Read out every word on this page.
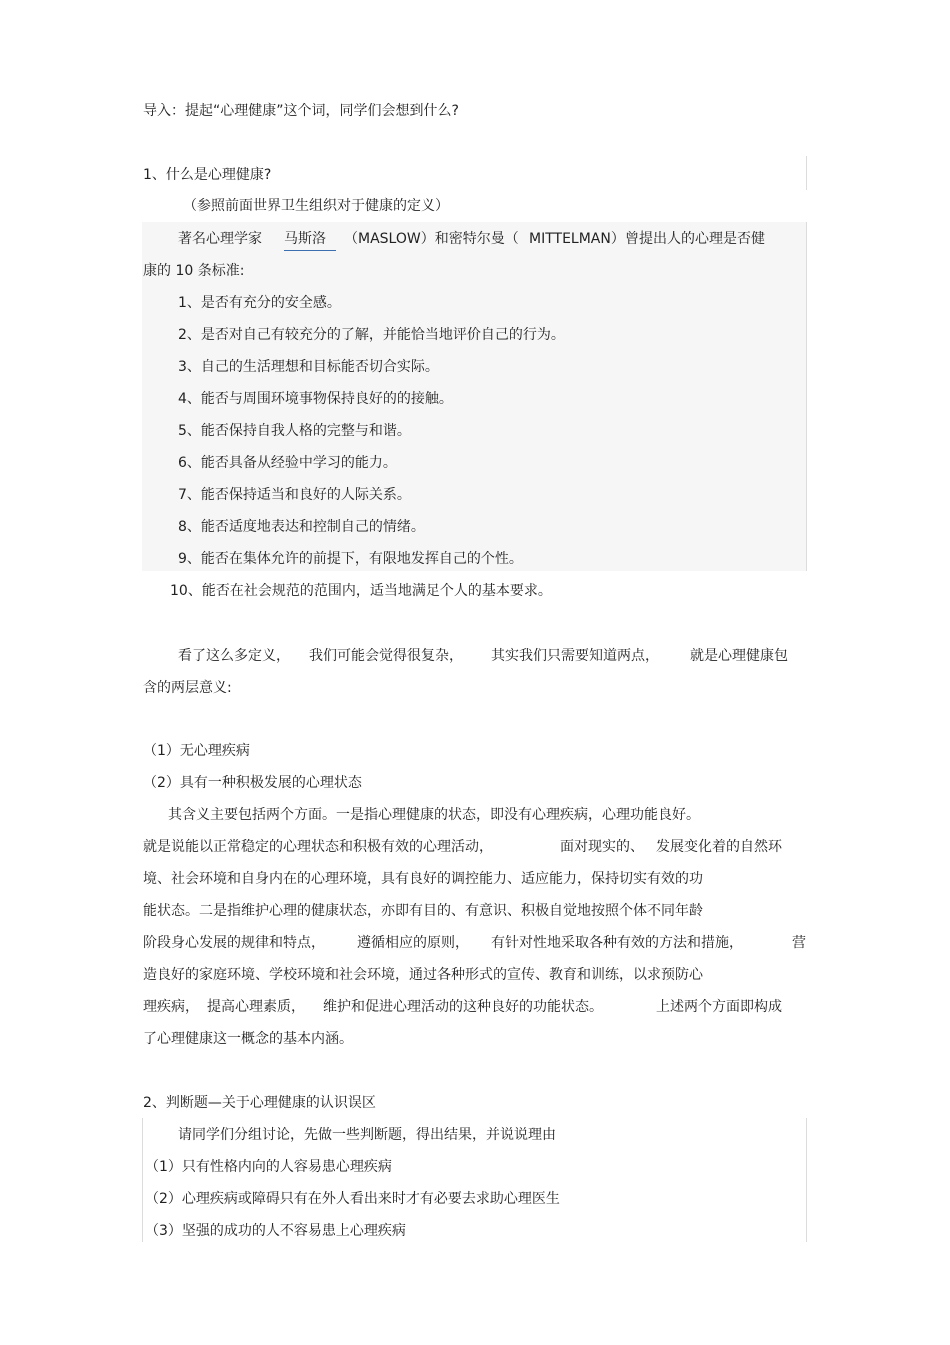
导入：提起“心理健康”这个词，同学们会想到什么?
1、什么是心理健康?
（参照前面世界卫生组织对于健康的定义）
著名心理学家 马斯洛	（MASLOW）和密特尔曼（ MITTELMAN） 曾提出人的心理是否健
康的 10 条标准:
1、是否有充分的安全感。
2、是否对自己有较充分的了解，并能恰当地评价自己的行为。
3、自己的生活理想和目标能否切合实际。
4、能否与周围环境事物保持良好的的接触。
5、能否保持自我人格的完整与和谐。
6、能否具备从经验中学习的能力。
7、能否保持适当和良好的人际关系。
8、能否适度地表达和控制自己的情绪。
9、能否在集体允许的前提下，有限地发挥自己的个性。
10、能否在社会规范的范围内，适当地满足个人的基本要求。
看了这么多定义， 我们可能会觉得很复杂， 其实我们只需要知道两点， 就是心理健康包
含的两层意义:
（1）无心理疾病
（2）具有一种积极发展的心理状态
其含义主要包括两个方面。一是指心理健康的状态，即没有心理疾病，心理功能良好。
就是说能以正常稳定的心理状态和积极有效的心理活动，	面对现实的、 发展变化着的自然环
境、社会环境和自身内在的心理环境，具有良好的调控能力、适应能力，保持切实有效的功
能状态。二是指维护心理的健康状态，亦即有目的、有意识、积极自觉地按照个体不同年龄
阶段身心发展的规律和特点， 遵循相应的原则， 有针对性地采取各种有效的方法和措施，	营
造良好的家庭环境、学校环境和社会环境，通过各种形式的宣传、教育和训练，以求预防心
理疾病， 提高心理素质， 维护和促进心理活动的这种良好的功能状态。	上述两个方面即构成
了心理健康这一概念的基本内涵。
2、判断题—关于心理健康的认识误区
请同学们分组讨论，先做一些判断题，得出结果，并说说理由
（1）只有性格内向的人容易患心理疾病
（2）心理疾病或障碍只有在外人看出来时才有必要去求助心理医生
（3）坚强的成功的人不容易患上心理疾病
